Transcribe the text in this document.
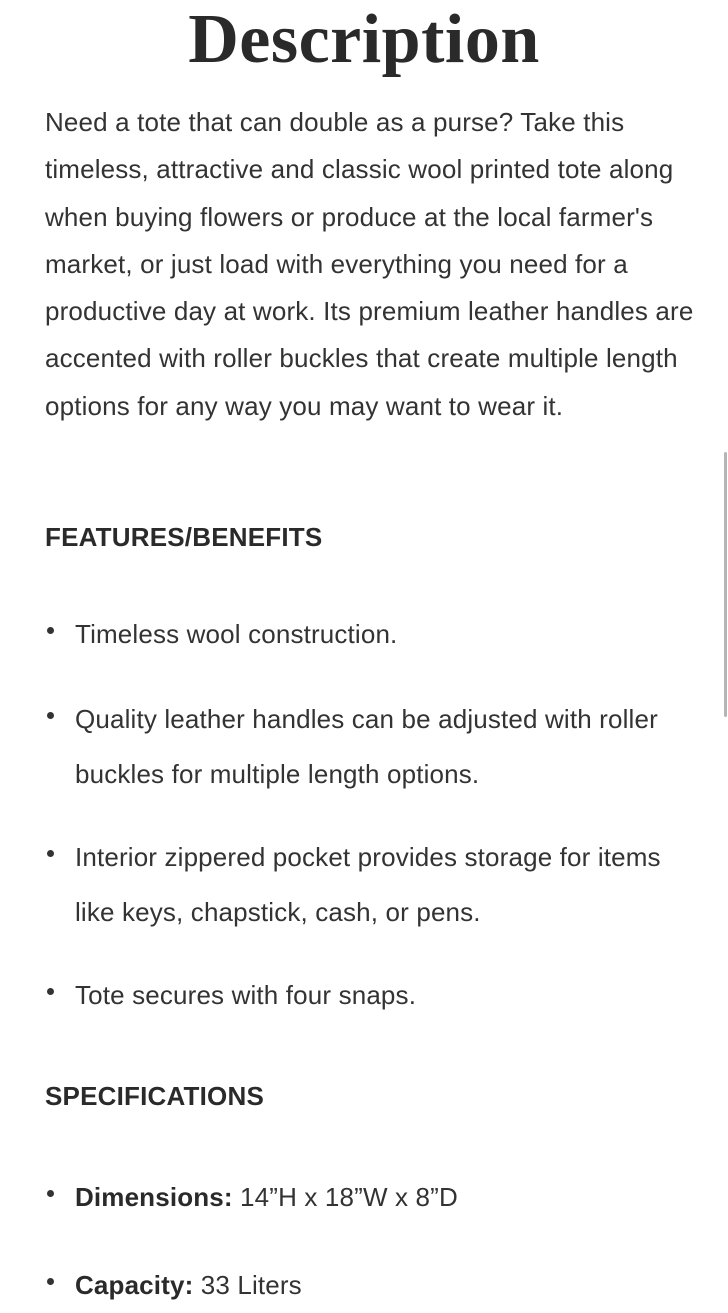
Description

Need a tote that can double as a purse? Take this timeless, attractive and classic wool printed tote along when buying flowers or produce at the local farmer's market, or just load with everything you need for a productive day at work. Its premium leather handles are accented with roller buckles that create multiple length options for any way you may want to wear it.

FEATURES/BENEFITS
Timeless wool construction.
Quality leather handles can be adjusted with roller buckles for multiple length options.
Interior zippered pocket provides storage for items like keys, chapstick, cash, or pens.
Tote secures with four snaps.
SPECIFICATIONS
Dimensions: 14”H x 18”W x 8”D
Capacity: 33 Liters
